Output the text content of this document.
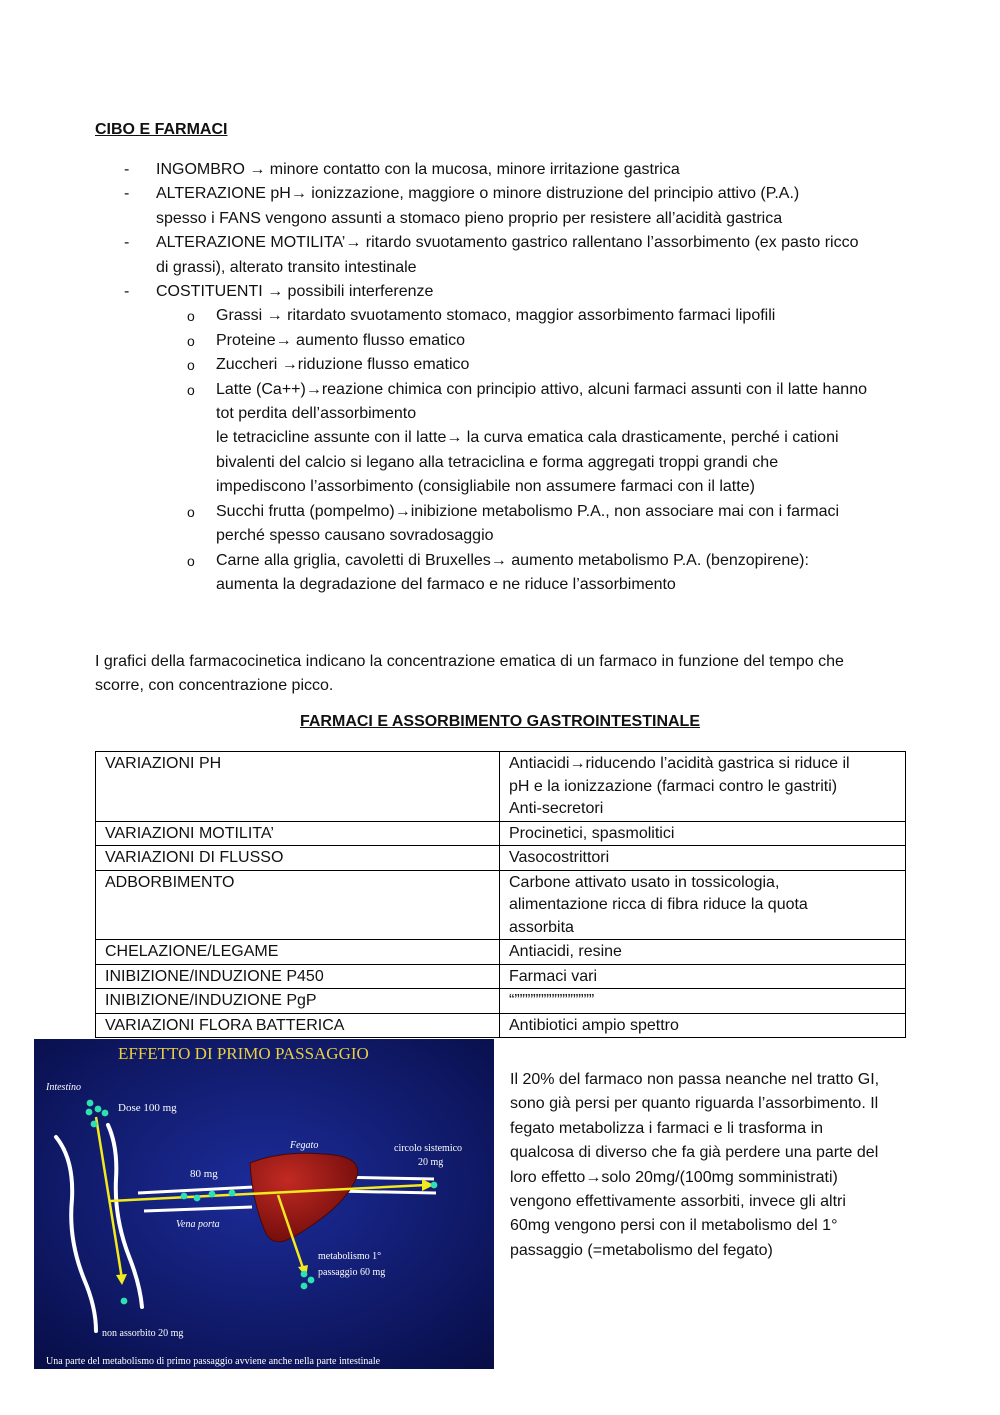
CIBO E FARMACI
- INGOMBRO → minore contatto con la mucosa, minore irritazione gastrica
- ALTERAZIONE pH→ ionizzazione, maggiore o minore distruzione del principio attivo (P.A.)
spesso i FANS vengono assunti a stomaco pieno proprio per resistere all’acidità gastrica
- ALTERAZIONE MOTILITA’→ ritardo svuotamento gastrico rallentano l’assorbimento (ex pasto ricco
di grassi), alterato transito intestinale
- COSTITUENTI → possibili interferenze
o Grassi → ritardato svuotamento stomaco, maggior assorbimento farmaci lipofili
o Proteine→ aumento flusso ematico
o Zuccheri →riduzione flusso ematico
o Latte (Ca++)→reazione chimica con principio attivo, alcuni farmaci assunti con il latte hanno
tot perdita dell’assorbimento
le tetracicline assunte con il latte→ la curva ematica cala drasticamente, perché i cationi
bivalenti del calcio si legano alla tetraciclina e forma aggregati troppi grandi che
impediscono l’assorbimento (consigliabile non assumere farmaci con il latte)
o Succhi frutta (pompelmo)→inibizione metabolismo P.A., non associare mai con i farmaci
perché spesso causano sovradosaggio
o Carne alla griglia, cavoletti di Bruxelles→ aumento metabolismo P.A. (benzopirene):
aumenta la degradazione del farmaco e ne riduce l’assorbimento
I grafici della farmacocinetica indicano la concentrazione ematica di un farmaco in funzione del tempo che
scorre, con concentrazione picco.
FARMACI E ASSORBIMENTO GASTROINTESTINALE
VARIAZIONI PH	Antiacidi→riducendo l’acidità gastrica si riduce il
pH e la ionizzazione (farmaci contro le gastriti)
Anti-secretori

VARIAZIONI MOTILITA’	Procinetici, spasmolitici

VARIAZIONI DI FLUSSO	Vasocostrittori

ADBORBIMENTO	Carbone attivato usato in tossicologia,
alimentazione ricca di fibra riduce la quota
assorbita

CHELAZIONE/LEGAME	Antiacidi, resine

INIBIZIONE/INDUZIONE P450	Farmaci vari

INIBIZIONE/INDUZIONE PgP	“”””””””””””””””

VARIAZIONI FLORA BATTERICA	Antibiotici ampio spettro
EFFETTO DI PRIMO PASSAGGIO
Intestino
Dose 100 mg
Fegato	circolo sistemico
20 mg
80 mg
Vena porta
metabolismo 1°
passaggio 60 mg
non assorbito 20 mg
Una parte del metabolismo di primo passaggio avviene anche nella parte intestinale
Il 20% del farmaco non passa neanche nel tratto GI,
sono già persi per quanto riguarda l’assorbimento. Il
fegato metabolizza i farmaci e li trasforma in
qualcosa di diverso che fa già perdere una parte del
loro effetto→solo 20mg/(100mg somministrati)
vengono effettivamente assorbiti, invece gli altri
60mg vengono persi con il metabolismo del 1°
passaggio (=metabolismo del fegato)
